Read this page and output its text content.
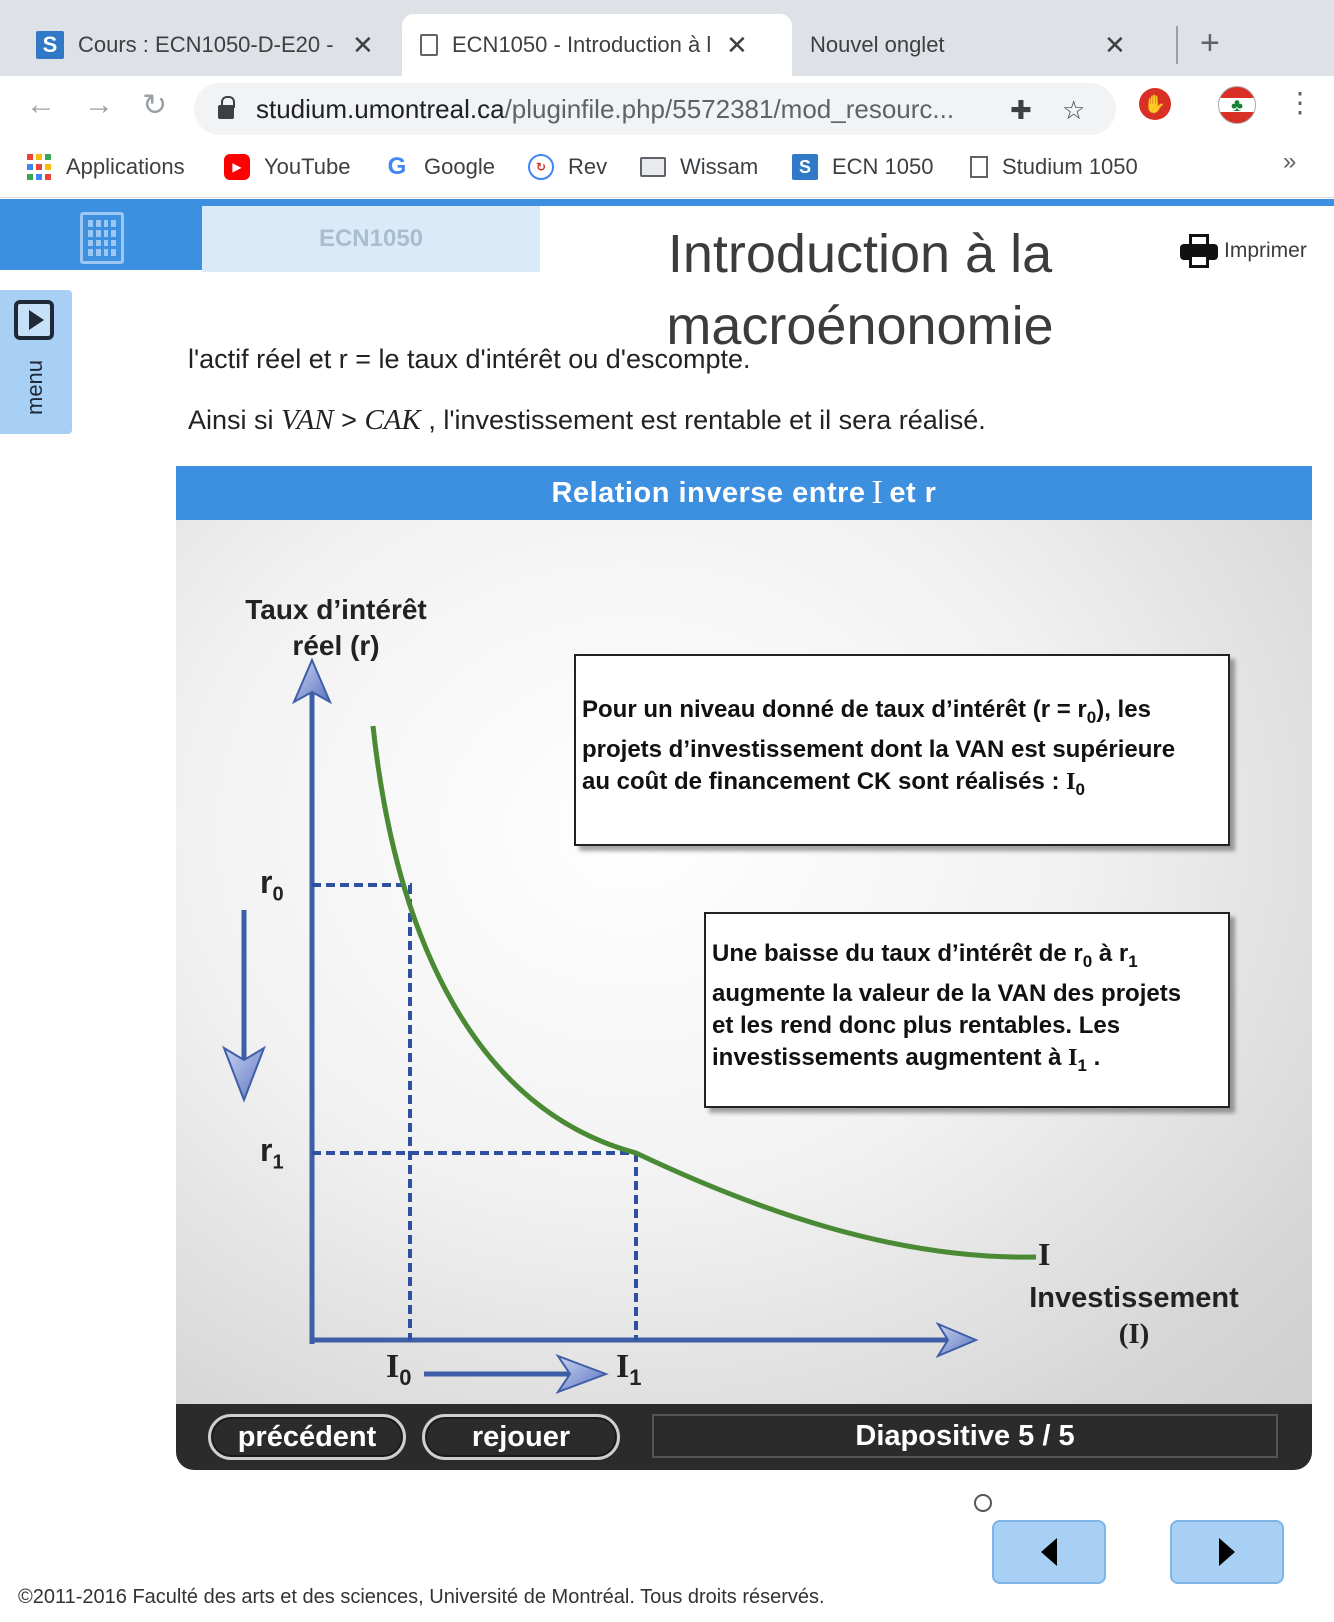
S Cours : ECN1050-D-E20 - ✕	ECN1050 - Introduction à l ✕	Nouvel onglet	✕ +
← → ↻	studium.umontreal.ca/pluginfile.php/5572381/mod_resourc... ✚ ☆	✋	♣	⋮
Applications	▶	YouTube G Google	↻ Rev	Wissam	S ECN 1050	Studium 1050	»
ECN1050	Introduction à la
macroénonomie
Imprimer
menu
l'actif réel et r = le taux d'intérêt ou d'escompte.
Ainsi si VAN > CAK , l'investissement est rentable et il sera réalisé.
Relation inverse entre I et r
Taux d’intérêt
réel (r)
Investissement
(I)
I
$r_0$
$r_1$
$I_0$	$I_1$
Pour un niveau donné de taux d’intérêt $(r = r_0)$, les
projets d’investissement dont la VAN est supérieure
au coût de financement CK sont réalisés : $I_0$
Une baisse du taux d’intérêt de $r_0$ à $r_1$
augmente la valeur de la VAN des projets
et les rend donc plus rentables. Les
investissements augmentent à $I_1$ .
précédent	rejouer	Diapositive 5 / 5
©2011-2016 Faculté des arts et des sciences, Université de Montréal. Tous droits réservés.
